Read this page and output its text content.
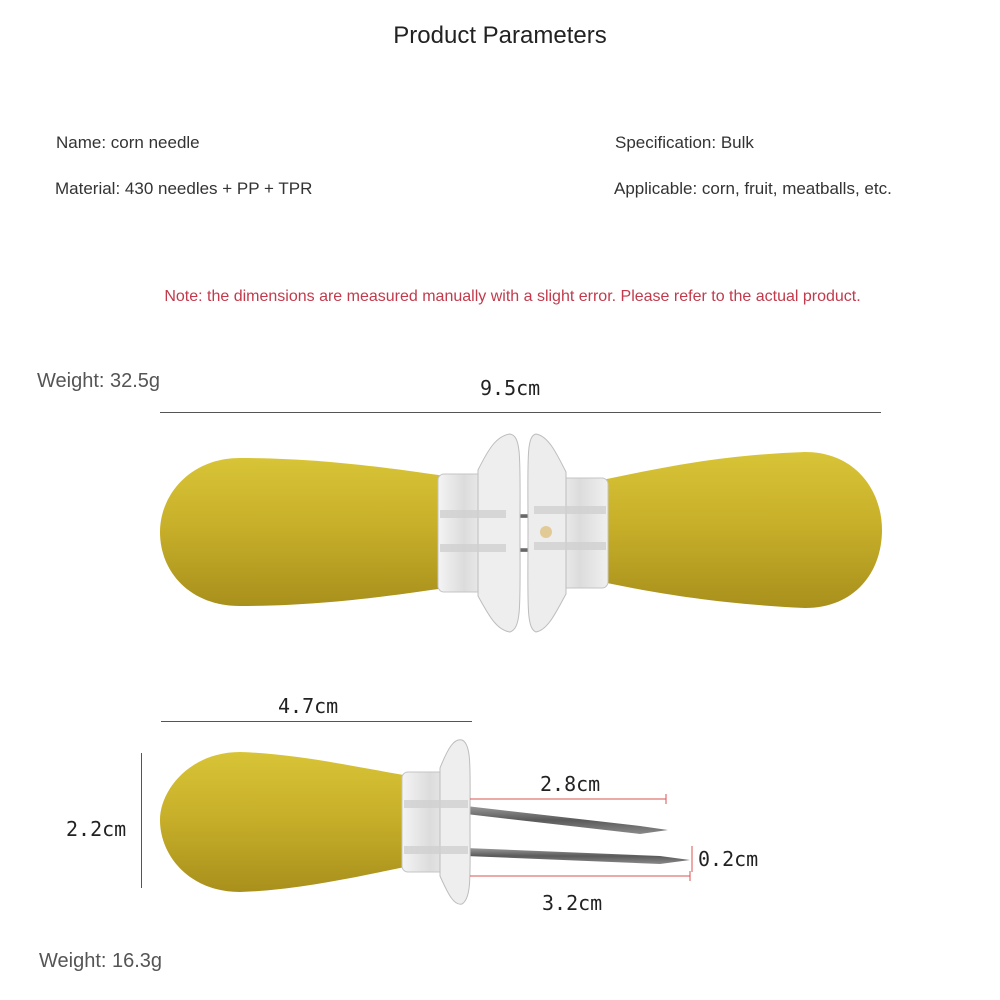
Product Parameters
Name: corn needle
Material: 430 needles + PP + TPR
Specification: Bulk
Applicable: corn, fruit, meatballs, etc.
Note: the dimensions are measured manually with a slight error. Please refer to the actual product.
Weight: 32.5g	9.5cm
4.7cm
2.2cm
2.8cm
0.2cm
3.2cm
Weight: 16.3g
